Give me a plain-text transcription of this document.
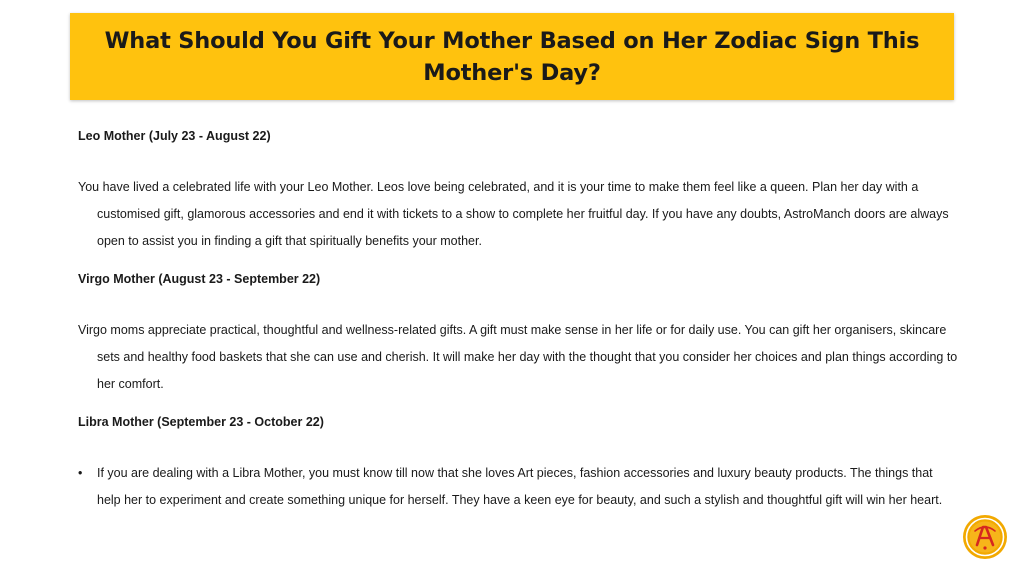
What Should You Gift Your Mother Based on Her Zodiac Sign This Mother's Day?

Leo Mother (July 23 - August 22)

You have lived a celebrated life with your Leo Mother. Leos love being celebrated, and it is your time to make them feel like a queen. Plan her day with a customised gift, glamorous accessories and end it with tickets to a show to complete her fruitful day. If you have any doubts, AstroManch doors are always open to assist you in finding a gift that spiritually benefits your mother.

Virgo Mother (August 23 - September 22)

Virgo moms appreciate practical, thoughtful and wellness-related gifts. A gift must make sense in her life or for daily use. You can gift her organisers, skincare sets and healthy food baskets that she can use and cherish. It will make her day with the thought that you consider her choices and plan things according to her comfort.

Libra Mother (September 23 - October 22)

• If you are dealing with a Libra Mother, you must know till now that she loves Art pieces, fashion accessories and luxury beauty products. The things that help her to experiment and create something unique for herself. They have a keen eye for beauty, and such a stylish and thoughtful gift will win her heart.
